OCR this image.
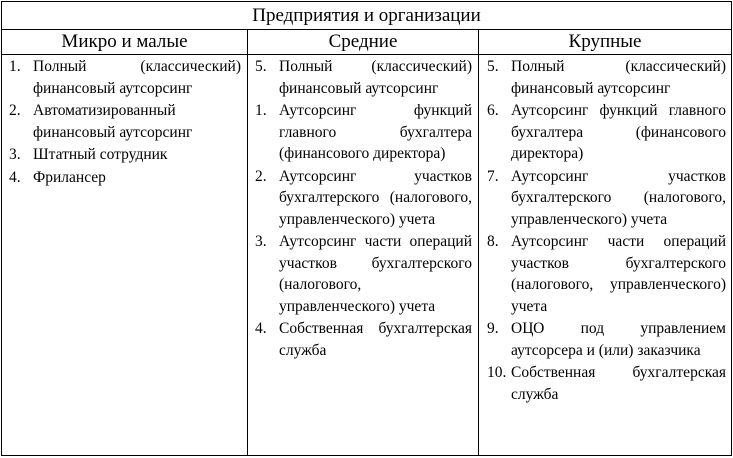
Предприятия и организации
Микро и малые	Средние	Крупные
1. Полный (классический) финансовый аутсорсинг
2. Автоматизированный финансовый аутсорсинг
3. Штатный сотрудник
4. Фрилансер
5. Полный (классический) финансовый аутсорсинг
1. Аутсорсинг функций главного бухгалтера (финансового директора)
2. Аутсорсинг участков бухгалтерского (налогового, управленческого) учета
3. Аутсорсинг части операций участков бухгалтерского (налогового, управленческого) учета
4. Собственная бухгалтерская служба
5. Полный (классический) финансовый аутсорсинг
6. Аутсорсинг функций главного бухгалтера (финансового директора)
7. Аутсорсинг участков бухгалтерского (налогового, управленческого) учета
8. Аутсорсинг части операций участков бухгалтерского (налогового, управленческого) учета
9. ОЦО под управлением аутсорсера и (или) заказчика
10. Собственная бухгалтерская служба
